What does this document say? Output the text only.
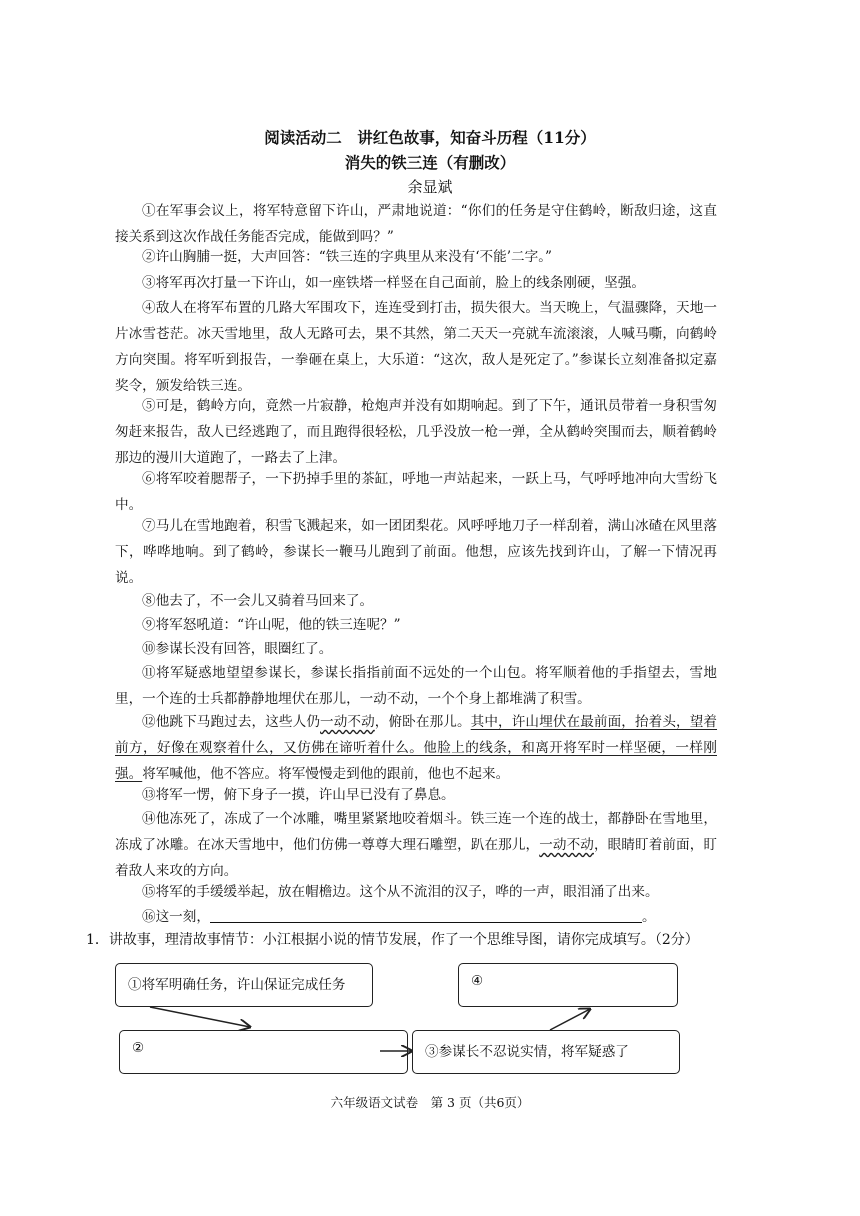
阅读活动二　讲红色故事，知奋斗历程（11分）
消失的铁三连（有删改）
余显斌

①在军事会议上，将军特意留下许山，严肃地说道：“你们的任务是守住鹤岭，断敌归途，这直接关系到这次作战任务能否完成，能做到吗？”

②许山胸脯一挺，大声回答：“铁三连的字典里从来没有‘不能’二字。”

③将军再次打量一下许山，如一座铁塔一样竖在自己面前，脸上的线条刚硬，坚强。

④敌人在将军布置的几路大军围攻下，连连受到打击，损失很大。当天晚上，气温骤降，天地一片冰雪苍茫。冰天雪地里，敌人无路可去，果不其然，第二天天一亮就车流滚滚，人喊马嘶，向鹤岭方向突围。将军听到报告，一拳砸在桌上，大乐道：“这次，敌人是死定了。”参谋长立刻准备拟定嘉奖令，颁发给铁三连。

⑤可是，鹤岭方向，竟然一片寂静，枪炮声并没有如期响起。到了下午，通讯员带着一身积雪匆匆赶来报告，敌人已经逃跑了，而且跑得很轻松，几乎没放一枪一弹，全从鹤岭突围而去，顺着鹤岭那边的漫川大道跑了，一路去了上津。

⑥将军咬着腮帮子，一下扔掉手里的茶缸，呼地一声站起来，一跃上马，气呼呼地冲向大雪纷飞中。

⑦马儿在雪地跑着，积雪飞溅起来，如一团团梨花。风呼呼地刀子一样刮着，满山冰碴在风里落下，哗哗地响。到了鹤岭，参谋长一鞭马儿跑到了前面。他想，应该先找到许山，了解一下情况再说。

⑧他去了，不一会儿又骑着马回来了。

⑨将军怒吼道：“许山呢，他的铁三连呢？”

⑩参谋长没有回答，眼圈红了。

⑪将军疑惑地望望参谋长，参谋长指指前面不远处的一个山包。将军顺着他的手指望去，雪地里，一个连的士兵都静静地埋伏在那儿，一动不动，一个个身上都堆满了积雪。

⑫他跳下马跑过去，这些人仍一动不动，俯卧在那儿。其中，许山埋伏在最前面，抬着头，望着前方，好像在观察着什么，又仿佛在谛听着什么。他脸上的线条，和离开将军时一样坚硬，一样刚强。将军喊他，他不答应。将军慢慢走到他的跟前，他也不起来。

⑬将军一愣，俯下身子一摸，许山早已没有了鼻息。

⑭他冻死了，冻成了一个冰雕，嘴里紧紧地咬着烟斗。铁三连一个连的战士，都静卧在雪地里，冻成了冰雕。在冰天雪地中，他们仿佛一尊尊大理石雕塑，趴在那儿，一动不动，眼睛盯着前面，盯着敌人来攻的方向。

⑮将军的手缓缓举起，放在帽檐边。这个从不流泪的汉子，哗的一声，眼泪涌了出来。

⑯这一刻，	。

1．讲故事，理清故事情节：小江根据小说的情节发展，作了一个思维导图，请你完成填写。（2分）
①将军明确任务，许山保证完成任务	④
②	③参谋长不忍说实情，将军疑惑了
六年级语文试卷　第 3 页（共6页）
